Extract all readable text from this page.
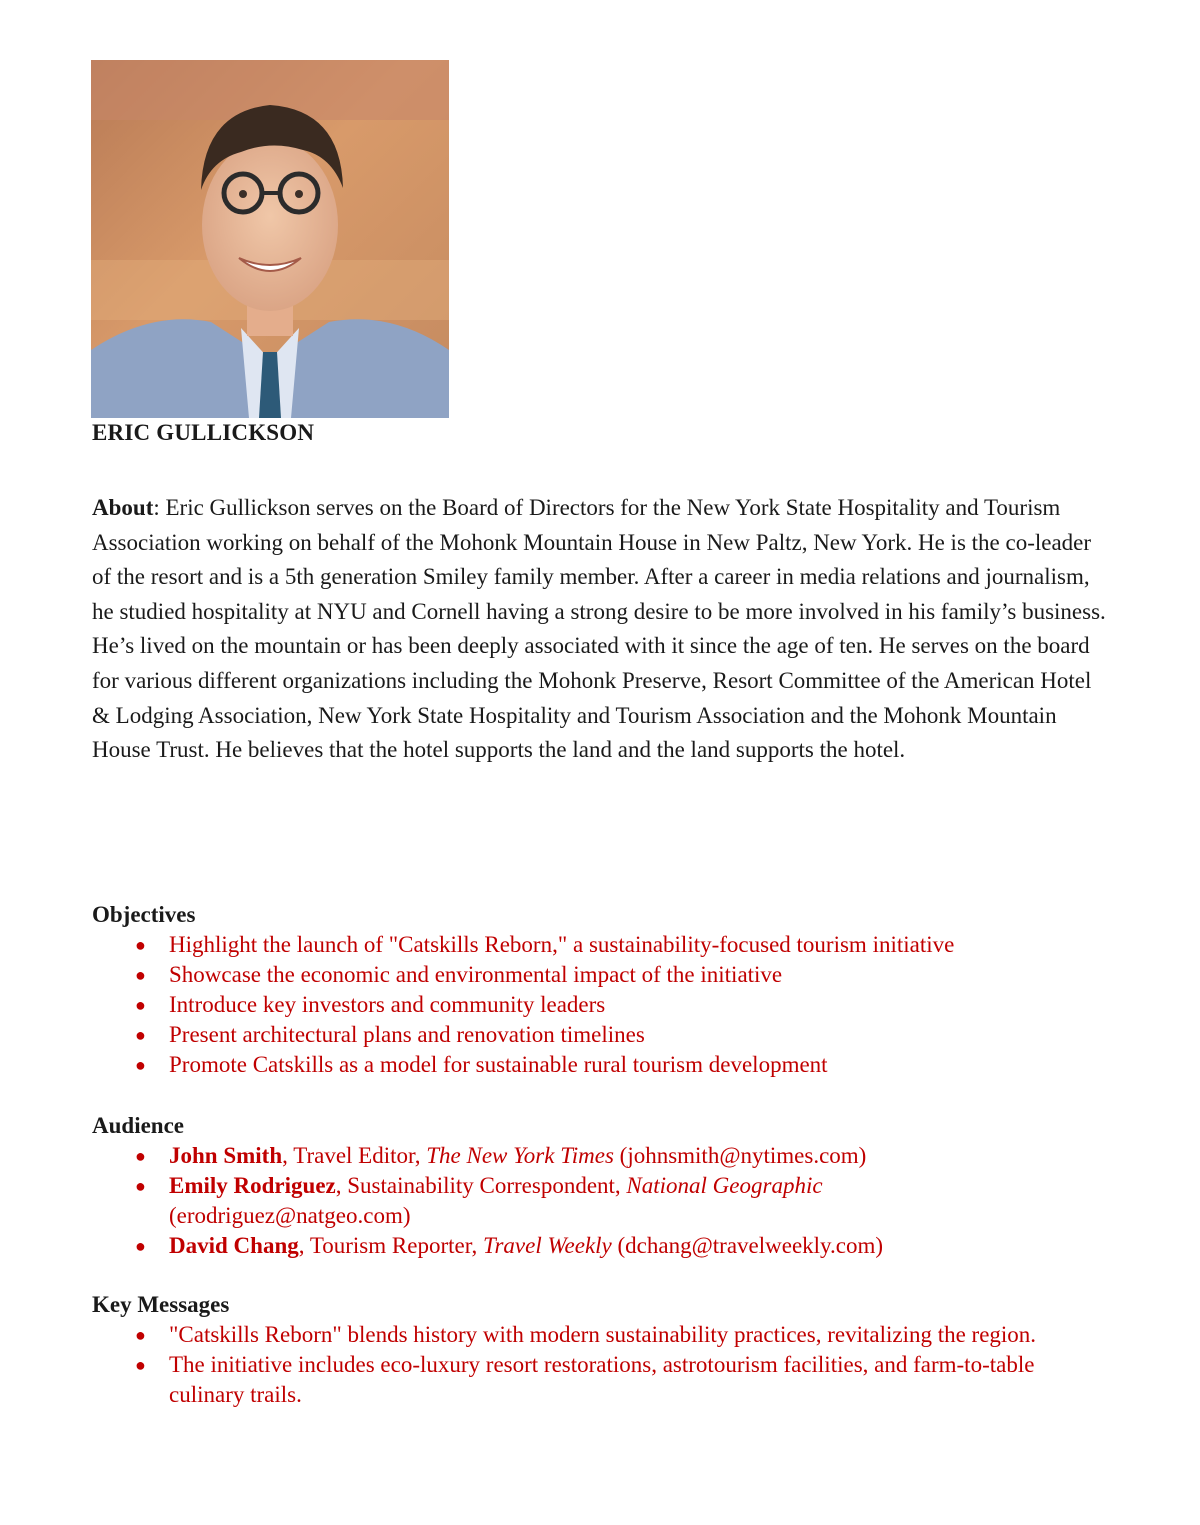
ERIC GULLICKSON
About: Eric Gullickson serves on the Board of Directors for the New York State Hospitality and Tourism Association working on behalf of the Mohonk Mountain House in New Paltz, New York. He is the co-leader of the resort and is a 5th generation Smiley family member. After a career in media relations and journalism, he studied hospitality at NYU and Cornell having a strong desire to be more involved in his family’s business. He’s lived on the mountain or has been deeply associated with it since the age of ten. He serves on the board for various different organizations including the Mohonk Preserve, Resort Committee of the American Hotel & Lodging Association, New York State Hospitality and Tourism Association and the Mohonk Mountain House Trust. He believes that the hotel supports the land and the land supports the hotel.
Objectives
● Highlight the launch of "Catskills Reborn," a sustainability-focused tourism initiative
● Showcase the economic and environmental impact of the initiative
● Introduce key investors and community leaders
● Present architectural plans and renovation timelines
● Promote Catskills as a model for sustainable rural tourism development
Audience
● John Smith, Travel Editor, The New York Times (johnsmith@nytimes.com)
● Emily Rodriguez, Sustainability Correspondent, National Geographic (erodriguez@natgeo.com)
● David Chang, Tourism Reporter, Travel Weekly (dchang@travelweekly.com)
Key Messages
● "Catskills Reborn" blends history with modern sustainability practices, revitalizing the region.
● The initiative includes eco-luxury resort restorations, astrotourism facilities, and farm-to-table culinary trails.
